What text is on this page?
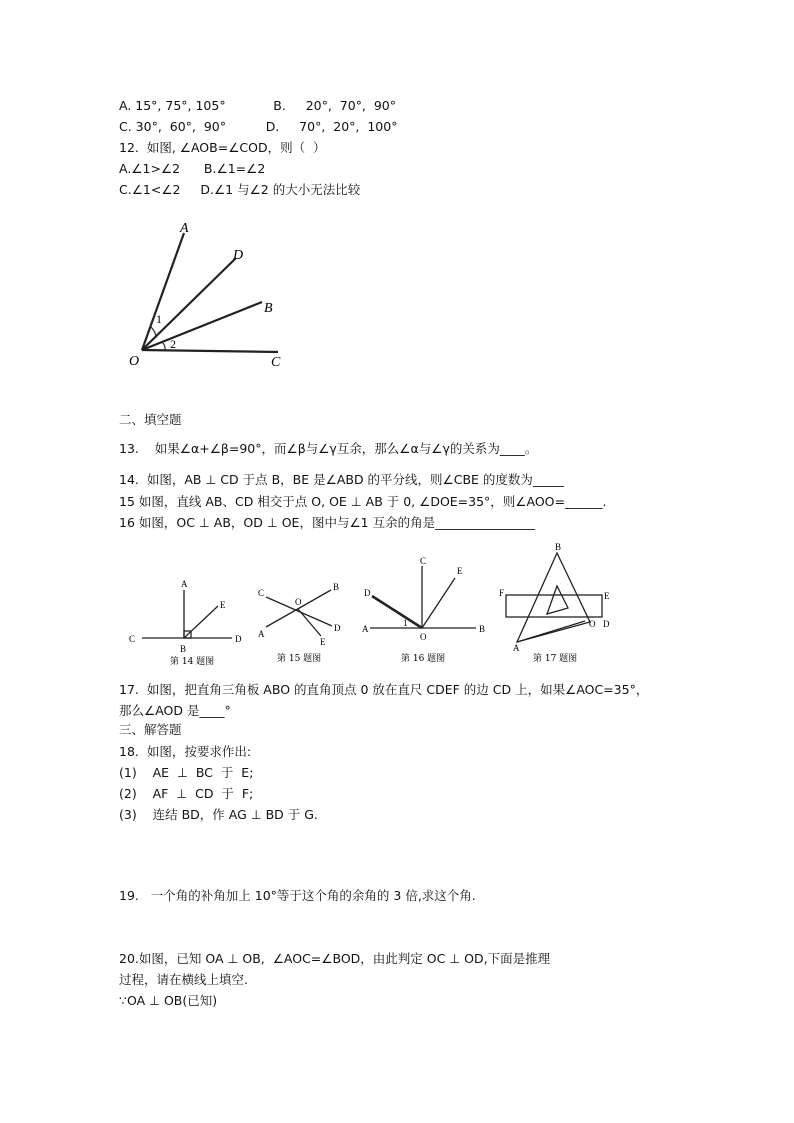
A. 15°, 75°, 105°            B.     20°,  70°,  90°
C. 30°,  60°,  90°          D.     70°,  20°,  100°
12.  如图, ∠AOB=∠COD，则（  ）
A.∠1>∠2      B.∠1=∠2
C.∠1<∠2     D.∠1 与∠2 的大小无法比较
A
D
B
O	C
1
2
二、填空题
13.    如果∠α+∠β=90°，而∠β与∠γ互余，那么∠α与∠γ的关系为____。
14.  如图，AB ⊥ CD 于点 B，BE 是∠ABD 的平分线，则∠CBE 的度数为_____
15 如图，直线 AB、CD 相交于点 O, OE ⊥ AB 于 0, ∠DOE=35°，则∠AOO=______.
16 如图，OC ⊥ AB，OD ⊥ OE，图中与∠1 互余的角是________________
A
E
C
B
D
第 14 题图
C
B
O
A
D
E
第 15 题图
C
E
D
A	B
O
1
第 16 题图
B
F	E
A
O D
第 17 题图
17.  如图，把直角三角板 ABO 的直角顶点 0 放在直尺 CDEF 的边 CD 上，如果∠AOC=35°，
那么∠AOD 是____°
三、解答题
18.  如图，按要求作出:
(1)    AE  ⊥  BC  于  E;
(2)    AF  ⊥  CD  于  F;
(3)    连结 BD，作 AG ⊥ BD 于 G.
19.   一个角的补角加上 10°等于这个角的余角的 3 倍,求这个角.
20.如图，已知 OA ⊥ OB,  ∠AOC=∠BOD，由此判定 OC ⊥ OD,下面是推理
过程，请在横线上填空.
∵OA ⊥ OB(已知)
